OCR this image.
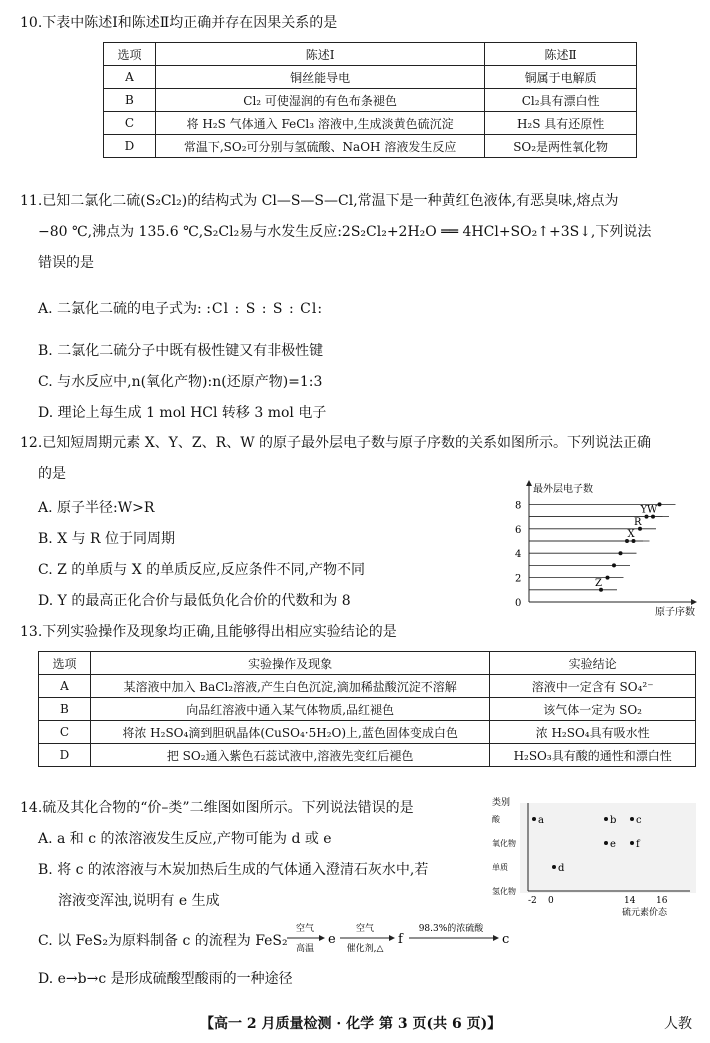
10.下表中陈述Ⅰ和陈述Ⅱ均正确并存在因果关系的是
选项	陈述Ⅰ	陈述Ⅱ
A	铜丝能导电	铜属于电解质
B	Cl₂ 可使湿润的有色布条褪色	Cl₂具有漂白性
C	将 H₂S 气体通入 FeCl₃ 溶液中,生成淡黄色硫沉淀	H₂S 具有还原性
D	常温下,SO₂可分别与氢硫酸、NaOH 溶液发生反应	SO₂是两性氧化物
11.已知二氯化二硫(S₂Cl₂)的结构式为 Cl—S—S—Cl,常温下是一种黄红色液体,有恶臭味,熔点为
−80 ℃,沸点为 135.6 ℃,S₂Cl₂易与水发生反应:2S₂Cl₂+2H₂O ══ 4HCl+SO₂↑+3S↓,下列说法
错误的是
A. 二氯化二硫的电子式为: :Cl : S : S : Cl:
B. 二氯化二硫分子中既有极性键又有非极性键
C. 与水反应中,n(氧化产物):n(还原产物)=1:3
D. 理论上每生成 1 mol HCl 转移 3 mol 电子
12.已知短周期元素 X、Y、Z、R、W 的原子最外层电子数与原子序数的关系如图所示。下列说法正确
的是
A. 原子半径:W>R
B. X 与 R 位于同周期
C. Z 的单质与 X 的单质反应,反应条件不同,产物不同
D. Y 的最高正化合价与最低负化合价的代数和为 8
最外层电子数
原子序数
0
2
4
6
8
Z
X
R
Y W
13.下列实验操作及现象均正确,且能够得出相应实验结论的是
选项	实验操作及现象	实验结论
A	某溶液中加入 BaCl₂溶液,产生白色沉淀,滴加稀盐酸沉淀不溶解	溶液中一定含有 SO₄²⁻
B	向品红溶液中通入某气体物质,品红褪色	该气体一定为 SO₂
C	将浓 H₂SO₄滴到胆矾晶体(CuSO₄·5H₂O)上,蓝色固体变成白色	浓 H₂SO₄具有吸水性
D	把 SO₂通入紫色石蕊试液中,溶液先变红后褪色	H₂SO₃具有酸的通性和漂白性
14.硫及其化合物的“价–类”二维图如图所示。下列说法错误的是
A. a 和 c 的浓溶液发生反应,产物可能为 d 或 e
B. 将 c 的浓溶液与木炭加热后生成的气体通入澄清石灰水中,若
溶液变浑浊,说明有 e 生成
C. 以 FeS₂为原料制备 c 的流程为 FeS₂
空气
高温
e
空气
催化剂,△
f
98.3%的浓硫酸
c
D. e→b→c 是形成硫酸型酸雨的一种途径
类别
硫元素价态
酸
氧化物
单质
氢化物
-2 0	14 16
a	b c
e f
d
【高一 2 月质量检测 · 化学 第 3 页(共 6 页)】	人教
